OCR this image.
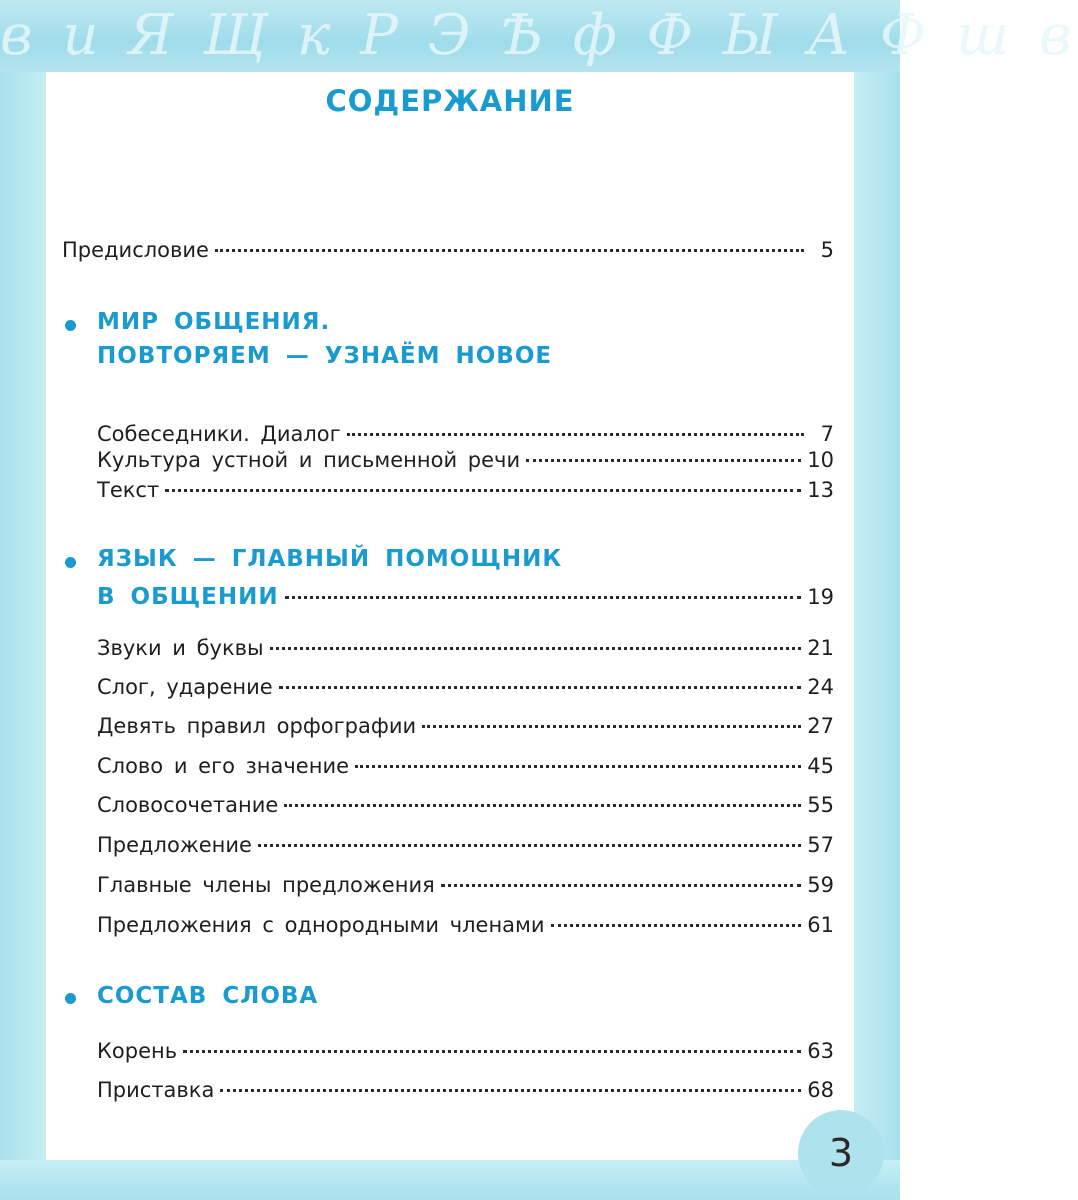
в и Я Щ к Р Э Ѣ ф Ф Ы А Ф ш в
СОДЕРЖАНИЕ
Предисловие	5
МИР ОБЩЕНИЯ.
ПОВТОРЯЕМ — УЗНАЁМ НОВОЕ
Собеседники. Диалог	7
Культура устной и письменной речи	10
Текст	13
ЯЗЫК — ГЛАВНЫЙ ПОМОЩНИК
В ОБЩЕНИИ	19
Звуки и буквы	21
Слог, ударение	24
Девять правил орфографии	27
Слово и его значение	45
Словосочетание	55
Предложение	57
Главные члены предложения	59
Предложения с однородными членами	61
СОСТАВ СЛОВА
Корень	63
Приставка	68
3
